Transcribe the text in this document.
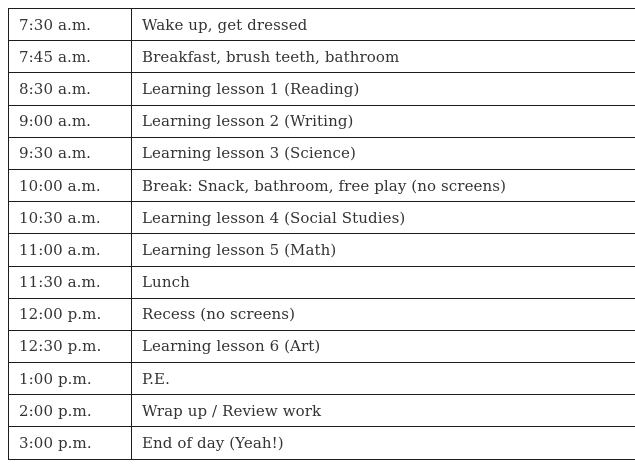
7:30 a.m.	Wake up, get dressed
7:45 a.m.	Breakfast, brush teeth, bathroom
8:30 a.m.	Learning lesson 1 (Reading)
9:00 a.m.	Learning lesson 2 (Writing)
9:30 a.m.	Learning lesson 3 (Science)
10:00 a.m.	Break: Snack, bathroom, free play (no screens)
10:30 a.m.	Learning lesson 4 (Social Studies)
11:00 a.m.	Learning lesson 5 (Math)
11:30 a.m.	Lunch
12:00 p.m.	Recess (no screens)
12:30 p.m.	Learning lesson 6 (Art)
1:00 p.m.	P.E.
2:00 p.m.	Wrap up / Review work
3:00 p.m.	End of day (Yeah!)
